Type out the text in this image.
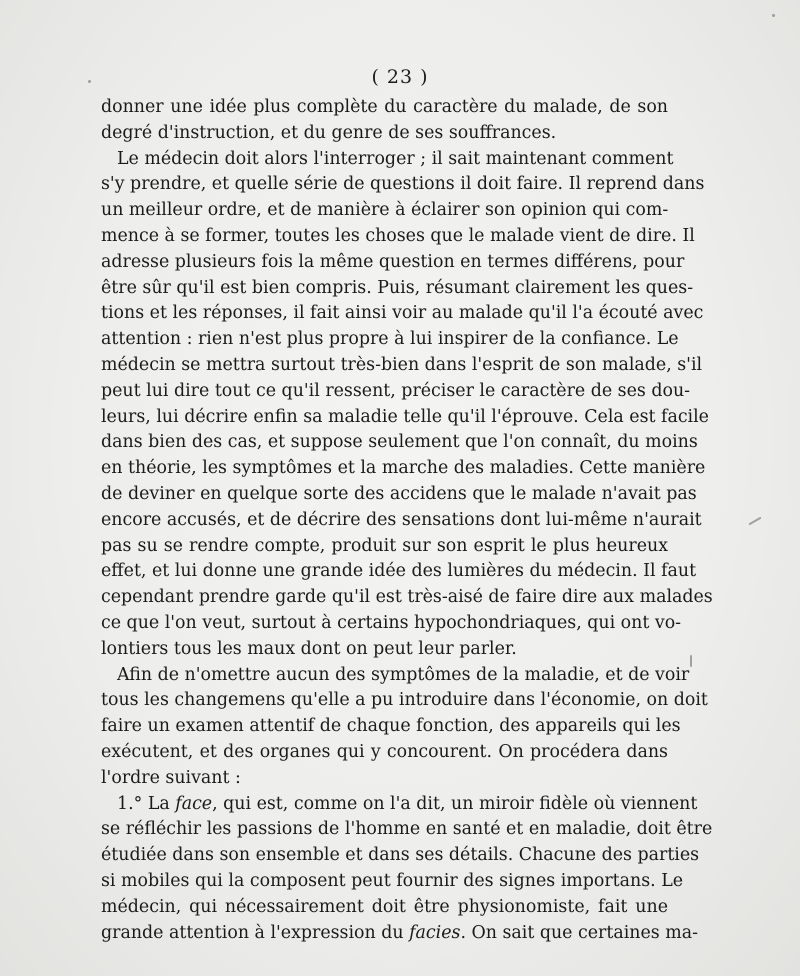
( 23 )
donner une idée plus complète du caractère du malade, de son
degré d'instruction, et du genre de ses souffrances.
Le médecin doit alors l'interroger ; il sait maintenant comment
s'y prendre, et quelle série de questions il doit faire. Il reprend dans
un meilleur ordre, et de manière à éclairer son opinion qui com-
mence à se former, toutes les choses que le malade vient de dire. Il
adresse plusieurs fois la même question en termes différens, pour
être sûr qu'il est bien compris. Puis, résumant clairement les ques-
tions et les réponses, il fait ainsi voir au malade qu'il l'a écouté avec
attention : rien n'est plus propre à lui inspirer de la confiance. Le
médecin se mettra surtout très-bien dans l'esprit de son malade, s'il
peut lui dire tout ce qu'il ressent, préciser le caractère de ses dou-
leurs, lui décrire enfin sa maladie telle qu'il l'éprouve. Cela est facile
dans bien des cas, et suppose seulement que l'on connaît, du moins
en théorie, les symptômes et la marche des maladies. Cette manière
de deviner en quelque sorte des accidens que le malade n'avait pas
encore accusés, et de décrire des sensations dont lui-même n'aurait
pas su se rendre compte, produit sur son esprit le plus heureux
effet, et lui donne une grande idée des lumières du médecin. Il faut
cependant prendre garde qu'il est très-aisé de faire dire aux malades
ce que l'on veut, surtout à certains hypochondriaques, qui ont vo-
lontiers tous les maux dont on peut leur parler.
Afin de n'omettre aucun des symptômes de la maladie, et de voir
tous les changemens qu'elle a pu introduire dans l'économie, on doit
faire un examen attentif de chaque fonction, des appareils qui les
exécutent, et des organes qui y concourent. On procédera dans
l'ordre suivant :
1.° La face, qui est, comme on l'a dit, un miroir fidèle où viennent
se réfléchir les passions de l'homme en santé et en maladie, doit être
étudiée dans son ensemble et dans ses détails. Chacune des parties
si mobiles qui la composent peut fournir des signes importans. Le
médecin, qui nécessairement doit être physionomiste, fait une
grande attention à l'expression du facies. On sait que certaines ma-
